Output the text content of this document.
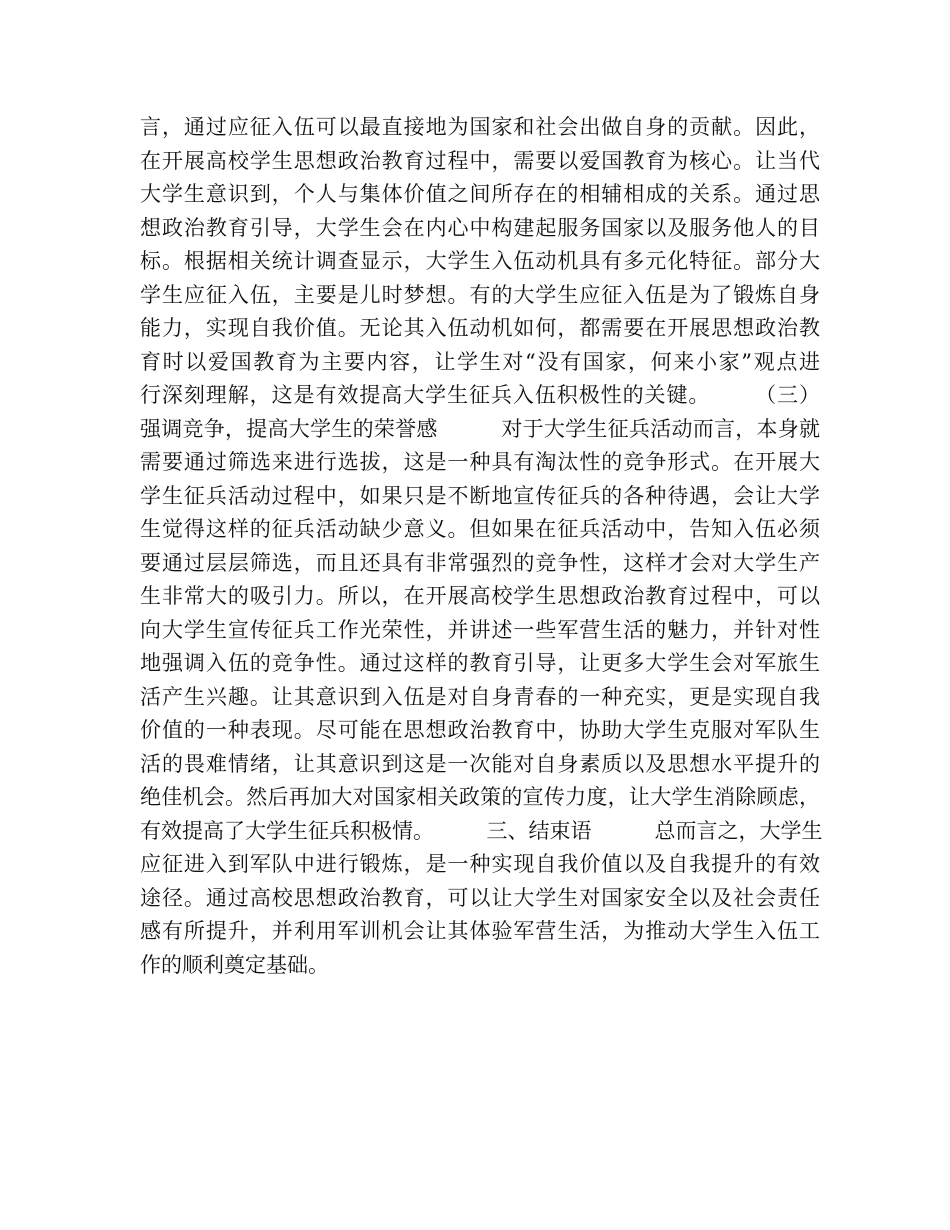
言，通过应征入伍可以最直接地为国家和社会出做自身的贡献。因此，
在开展高校学生思想政治教育过程中，需要以爱国教育为核心。让当代
大学生意识到，个人与集体价值之间所存在的相辅相成的关系。通过思
想政治教育引导，大学生会在内心中构建起服务国家以及服务他人的目
标。根据相关统计调查显示，大学生入伍动机具有多元化特征。部分大
学生应征入伍，主要是儿时梦想。有的大学生应征入伍是为了锻炼自身
能力，实现自我价值。无论其入伍动机如何，都需要在开展思想政治教
育时以爱国教育为主要内容，让学生对“没有国家，何来小家”观点进
行深刻理解，这是有效提高大学生征兵入伍积极性的关键。　　　（三）
强调竞争，提高大学生的荣誉感　　　对于大学生征兵活动而言，本身就
需要通过筛选来进行选拔，这是一种具有淘汰性的竞争形式。在开展大
学生征兵活动过程中，如果只是不断地宣传征兵的各种待遇，会让大学
生觉得这样的征兵活动缺少意义。但如果在征兵活动中，告知入伍必须
要通过层层筛选，而且还具有非常强烈的竞争性，这样才会对大学生产
生非常大的吸引力。所以，在开展高校学生思想政治教育过程中，可以
向大学生宣传征兵工作光荣性，并讲述一些军营生活的魅力，并针对性
地强调入伍的竞争性。通过这样的教育引导，让更多大学生会对军旅生
活产生兴趣。让其意识到入伍是对自身青春的一种充实，更是实现自我
价值的一种表现。尽可能在思想政治教育中，协助大学生克服对军队生
活的畏难情绪，让其意识到这是一次能对自身素质以及思想水平提升的
绝佳机会。然后再加大对国家相关政策的宣传力度，让大学生消除顾虑，
有效提高了大学生征兵积极情。　　　三、结束语　　　总而言之，大学生
应征进入到军队中进行锻炼，是一种实现自我价值以及自我提升的有效
途径。通过高校思想政治教育，可以让大学生对国家安全以及社会责任
感有所提升，并利用军训机会让其体验军营生活，为推动大学生入伍工
作的顺利奠定基础。
